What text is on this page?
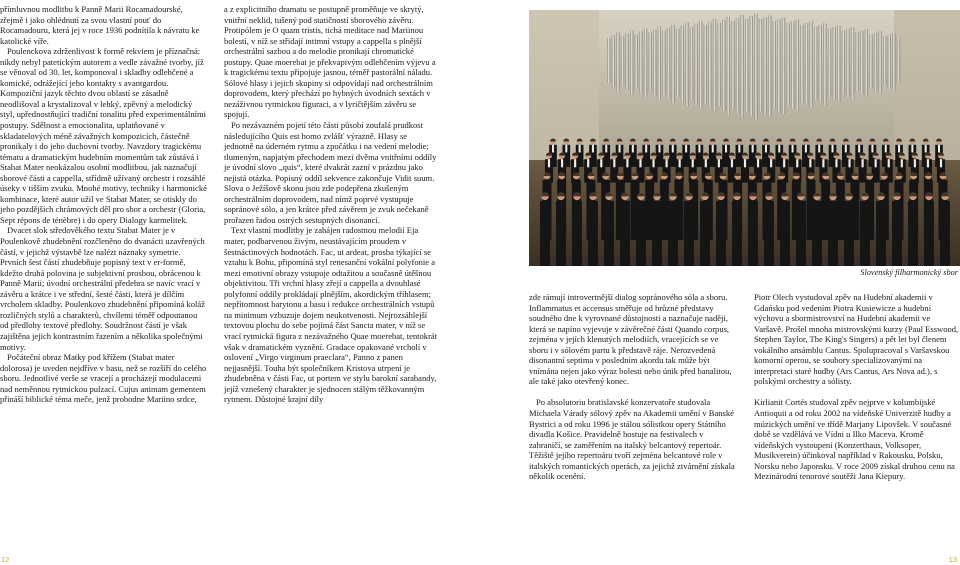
přímluvnou modlitbu k Panně Marii Rocamadourské, zřejmě i jako ohlédnutí za svou vlastní pouť do Rocamadouru, která jej v roce 1936 podnítila k návratu ke katolické víře.

Poulenckova zdrženlivost k formě rekviem je příznačná: nikdy nebyl patetickým autorem a vedle závažné tvorby, jíž se věnoval od 30. let, komponoval i skladby odlehčené a komické, odrážející jeho kontakty s avantgardou. Kompoziční jazyk těchto dvou oblastí se zásadně neodlišoval a krystalizoval v lehký, zpěvný a melodický styl, upřednostňující tradiční tonalitu před experimentálními postupy. Sdělnost a emocionalita, uplatňované v skladatelových méně závažných kompozicích, částečně pronikaly i do jeho duchovní tvorby. Navzdory tragickému tématu a dramatickým hudebním momentům tak zůstává i Stabat Mater neokázalou osobní modlitbou, jak naznačují sborové části a cappella, střídmě užívaný orchestr i rozsáhlé úseky v tišším zvuku. Mnohé motivy, techniky i harmonické kombinace, které autor užil ve Stabat Mater, se otiskly do jeho pozdějších chrámových děl pro sbor a orchestr (Gloria, Sept répons de ténèbre) i do opery Dialogy karmelitek.

Dvacet slok středověkého textu Stabat Mater je v Poulenkově zhudebnění rozčleněno do dvanácti uzavřených částí, v jejichž výstavbě lze nalézt náznaky symetrie. Prvních šest částí zhudebňuje popisný text v er-formě, kdežto druhá polovina je subjektivní prosbou, obrácenou k Panně Marii; úvodní orchestrální předehra se navíc vrací v závěru a krátce i ve střední, šesté části, která je dílčím vrcholem skladby. Poulenkovo zhudebnění připomíná koláž rozličných stylů a charakterů, chvílemi téměř odpoutanou od předlohy textové předlohy. Soudržnost částí je však zajištěna jejich kontrastním řazením a několika společnými motivy.

Počáteční obraz Matky pod křížem (Stabat mater dolorosa) je uveden nejdříve v basu, než se rozšíří do celého sboru. Jednotlivé verše se vracejí a procházejí modulacemi nad neměnnou rytmickou pulzací. Cujus animam gementem přináší biblické téma meče, jenž probodne Mariino srdce,

a z explicitního dramatu se postupně proměňuje ve skrytý, vnitřní neklid, tušený pod statičností sborového závěru. Protipólem je O quam tristis, tichá meditace nad Mariinou bolestí, v níž se střídají intimní vstupy a cappella s plnější orchestrální sazbou a do melodie pronikají chromatické postupy. Quae moerebat je překvapivým odlehčením výjevu a k tragickému textu připojuje jasnou, téměř pastorální náladu. Sólové hlasy i jejich skupiny si odpovídají nad orchestrálním doprovodem, který přechází po hybných úvodních sextách v nezáživnou rytmickou figuraci, a v lyričtějším závěru se spojují.

Po nezávazném pojetí této části působí zoufalá prudkost následujícího Quis est homo zvlášť výrazně. Hlasy se jednotně na úderném rytmu a zpočátku i na vedení melodie; tlumeným, napjatým přechodem mezi dvěma vnitřními oddíly je úvodní slovo „quis“, které dvakrát zazní v prázdnu jako nejistá otázka. Popisný oddíl sekvence zakončuje Vidit suum. Slova o Ježíšově skonu jsou zde podepřena zkušeným orchestrálním doprovodem, nad nímž poprvé vystupuje sopránové sólo, a jen krátce před závěrem je zvuk nečekaně prořazen řadou ostrých sestupných disonancí.

Text vlastní modlitby je zahájen radostnou melodií Eja mater, podbarvenou živým, neustávajícím proudem v šestnáctinových hodnotách. Fac, ut ardeat, prosba týkající se vztahu k Bohu, připomíná styl renesanční vokální polyfonie a mezi emotivní obrazy vstupuje odtažitou a současně útěšnou objektivitou. Tři vrchní hlasy zřejí a cappella a dvouhlasé polyfonní oddíly prokládají plnějším, akordickým tříhlasem; nepřítomnost barytonu a basu i redukce orchestrálních vstupů na minimum vzbuzuje dojem neukotvenosti. Nejrozsáhlejší textovou plochu do sebe pojímá část Sancta mater, v níž se vrací rytmická figura z nezávažného Quae moerebat, tentokrát však v dramatickém vyznění. Gradace opakované vrcholí v oslovení „Virgo virginum praeclara“, Panno z panen nejjasnější. Touha být společníkem Kristova utrpení je zhudebněna v části Fac, ut portem ve stylu barokní sarabandy, jejíž vznešený charakter je sjednocen stálým těžkovanným rytmem. Důstojné krajní díly

12
Slovenský filharmonický sbor

zde rámují introvertnější dialog sopránového sóla a sboru. Inflammatus et accensus směřuje od hrůzné představy soudného dne k vyrovnané důstojnosti a naznačuje naději, která se napíno vyjevuje v závěrečné části Quando corpus, zejména v jejích klenutých melodiích, vracejících se ve sboru i v sólovém partu k představě ráje. Nerozvedená disonantní septima v posledním akordu tak může být vnímána nejen jako výraz bolesti nebo únik před banalitou, ale také jako otevřený konec.

Po absolutoriu bratislavské konzervatoře studovala Michaela Várady sólový zpěv na Akademii umění v Banské Bystrici a od roku 1996 je stálou sólistkou opery Státního divadla Košice. Pravidelně hostuje na festivalech v zahraničí, se zaměřením na italský belcantový repertoár. Těžiště jejího repertoáru tvoří zejména belcantové role v italských romantických operách, za jejichž ztvárnění získala několik ocenění.

Piotr Olech vystudoval zpěv na Hudební akademii v Gdańsku pod vedením Piotra Kusiewicze a hudební výchovu a sbormistrovství na Hudební akademii ve Varšavě. Prošel mnoha mistrovskými kurzy (Paul Esswood, Stephen Taylor, The King's Singers) a pět let byl členem vokálního ansámblu Cantus. Spolupracoval s Varšavskou komorní operou, se soubory specializovanými na interpretaci staré hudby (Ars Cantus, Ars Nova ad.), s polskými orchestry a sólisty.

Kirlianit Cortés studoval zpěv nejprve v kolumbijské Antioquii a od roku 2002 na vídeňské Univerzitě hudby a múzických umění ve třídě Marjany Lipovšek. V současné době se vzdělává ve Vídni u Ilko Maceva. Kromě vídeňských vystoupení (Konzerthaus, Volksoper, Musikverein) účinkoval například v Rakousku, Polsku, Norsku nebo Japonsku. V roce 2009 získal druhou cenu na Mezinárodní tenorové soutěži Jana Kiepury.

13
